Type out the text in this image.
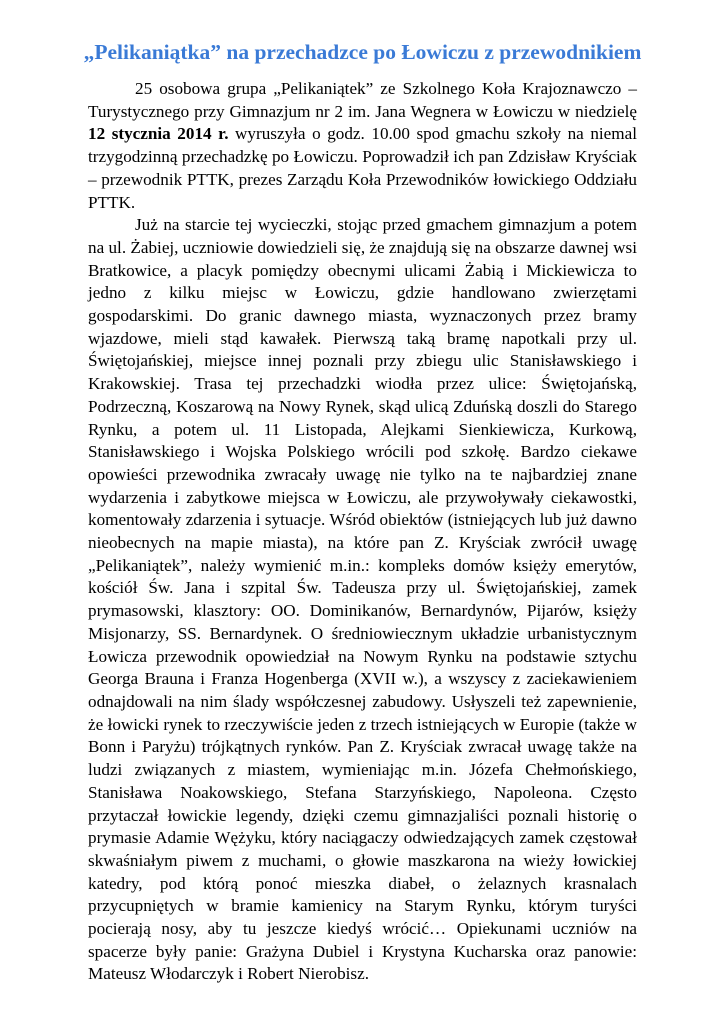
„Pelikaniątka” na przechadzce po Łowiczu z przewodnikiem

25 osobowa grupa „Pelikaniątek” ze Szkolnego Koła Krajoznawczo – Turystycznego przy Gimnazjum nr 2 im. Jana Wegnera w Łowiczu w niedzielę 12 stycznia 2014 r. wyruszyła o godz. 10.00 spod gmachu szkoły na niemal trzygodzinną przechadzkę po Łowiczu. Poprowadził ich pan Zdzisław Kryściak – przewodnik PTTK, prezes Zarządu Koła Przewodników łowickiego Oddziału PTTK.

Już na starcie tej wycieczki, stojąc przed gmachem gimnazjum a potem na ul. Żabiej, uczniowie dowiedzieli się, że znajdują się na obszarze dawnej wsi Bratkowice, a placyk pomiędzy obecnymi ulicami Żabią i Mickiewicza to jedno z kilku miejsc w Łowiczu, gdzie handlowano zwierzętami gospodarskimi. Do granic dawnego miasta, wyznaczonych przez bramy wjazdowe, mieli stąd kawałek. Pierwszą taką bramę napotkali przy ul. Świętojańskiej, miejsce innej poznali przy zbiegu ulic Stanisławskiego i Krakowskiej. Trasa tej przechadzki wiodła przez ulice: Świętojańską, Podrzeczną, Koszarową na Nowy Rynek, skąd ulicą Zduńską doszli do Starego Rynku, a potem ul. 11 Listopada, Alejkami Sienkiewicza, Kurkową, Stanisławskiego i Wojska Polskiego wrócili pod szkołę. Bardzo ciekawe opowieści przewodnika zwracały uwagę nie tylko na te najbardziej znane wydarzenia i zabytkowe miejsca w Łowiczu, ale przywoływały ciekawostki, komentowały zdarzenia i sytuacje. Wśród obiektów (istniejących lub już dawno nieobecnych na mapie miasta), na które pan Z. Kryściak zwrócił uwagę „Pelikaniątek”, należy wymienić m.in.: kompleks domów księży emerytów, kościół Św. Jana i szpital Św. Tadeusza przy ul. Świętojańskiej, zamek prymasowski, klasztory: OO. Dominikanów, Bernardynów, Pijarów, księży Misjonarzy, SS. Bernardynek. O średniowiecznym układzie urbanistycznym Łowicza przewodnik opowiedział na Nowym Rynku na podstawie sztychu Georga Brauna i Franza Hogenberga (XVII w.), a wszyscy z zaciekawieniem odnajdowali na nim ślady współczesnej zabudowy. Usłyszeli też zapewnienie, że łowicki rynek to rzeczywiście jeden z trzech istniejących w Europie (także w Bonn i Paryżu) trójkątnych rynków. Pan Z. Kryściak zwracał uwagę także na ludzi związanych z miastem, wymieniając m.in. Józefa Chełmońskiego, Stanisława Noakowskiego, Stefana Starzyńskiego, Napoleona. Często przytaczał łowickie legendy, dzięki czemu gimnazjaliści poznali historię o prymasie Adamie Wężyku, który naciągaczy odwiedzających zamek częstował skwaśniałym piwem z muchami, o głowie maszkarona na wieży łowickiej katedry, pod którą ponoć mieszka diabeł, o żelaznych krasnalach przycupniętych w bramie kamienicy na Starym Rynku, którym turyści pocierają nosy, aby tu jeszcze kiedyś wrócić… Opiekunami uczniów na spacerze były panie: Grażyna Dubiel i Krystyna Kucharska oraz panowie: Mateusz Włodarczyk i Robert Nierobisz.
